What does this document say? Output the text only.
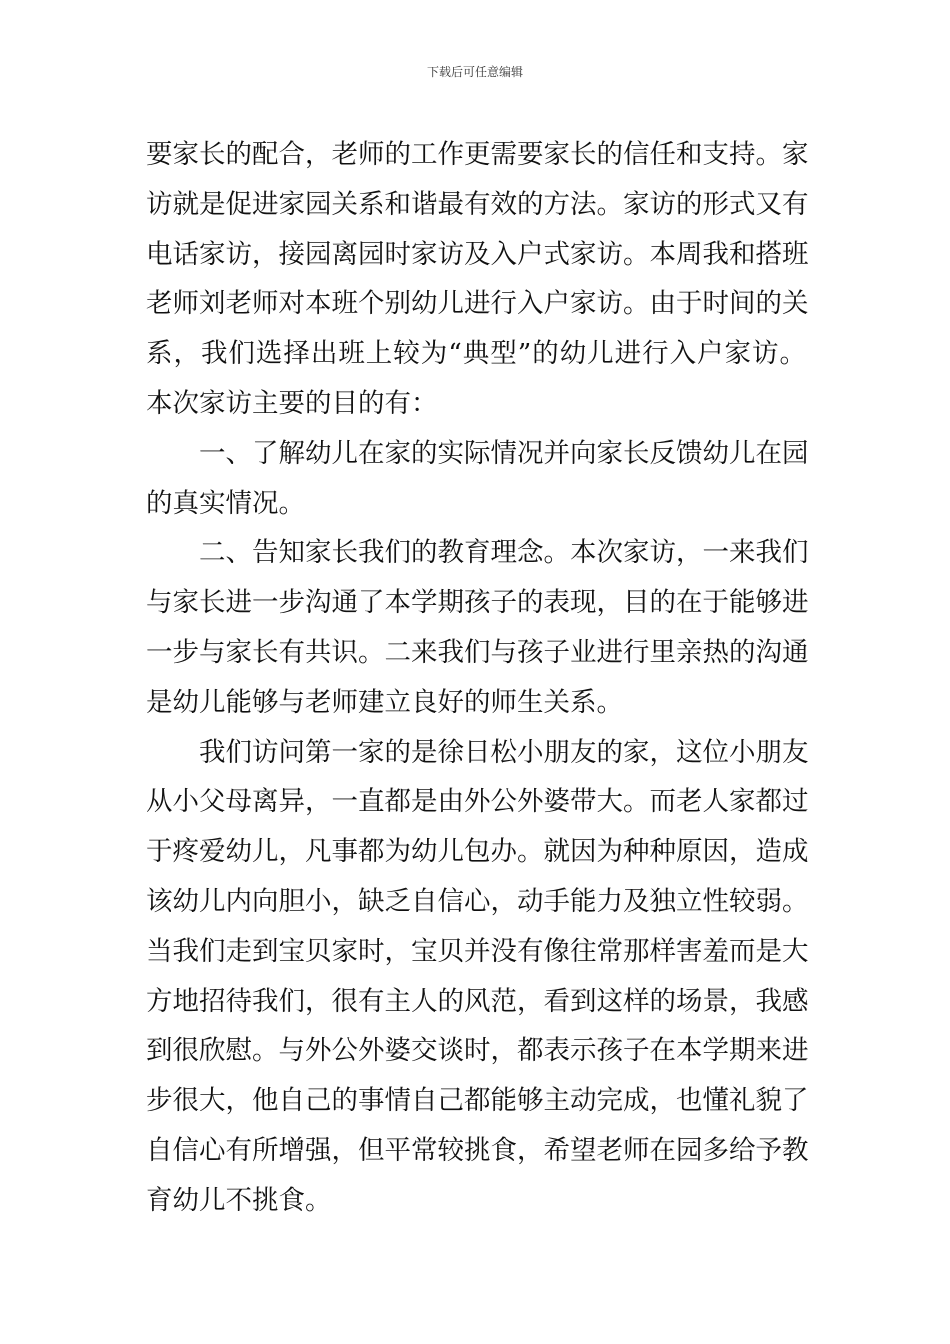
下载后可任意编辑
要家长的配合，老师的工作更需要家长的信任和支持。家
访就是促进家园关系和谐最有效的方法。家访的形式又有
电话家访，接园离园时家访及入户式家访。本周我和搭班
老师刘老师对本班个别幼儿进行入户家访。由于时间的关
系，我们选择出班上较为“典型”的幼儿进行入户家访。
本次家访主要的目的有：
一、了解幼儿在家的实际情况并向家长反馈幼儿在园
的真实情况。
二、告知家长我们的教育理念。本次家访，一来我们
与家长进一步沟通了本学期孩子的表现，目的在于能够进
一步与家长有共识。二来我们与孩子业进行里亲热的沟通
是幼儿能够与老师建立良好的师生关系。
我们访问第一家的是徐日松小朋友的家，这位小朋友
从小父母离异，一直都是由外公外婆带大。而老人家都过
于疼爱幼儿，凡事都为幼儿包办。就因为种种原因，造成
该幼儿内向胆小，缺乏自信心，动手能力及独立性较弱。
当我们走到宝贝家时，宝贝并没有像往常那样害羞而是大
方地招待我们，很有主人的风范，看到这样的场景，我感
到很欣慰。与外公外婆交谈时，都表示孩子在本学期来进
步很大，他自己的事情自己都能够主动完成，也懂礼貌了
自信心有所增强，但平常较挑食，希望老师在园多给予教
育幼儿不挑食。
